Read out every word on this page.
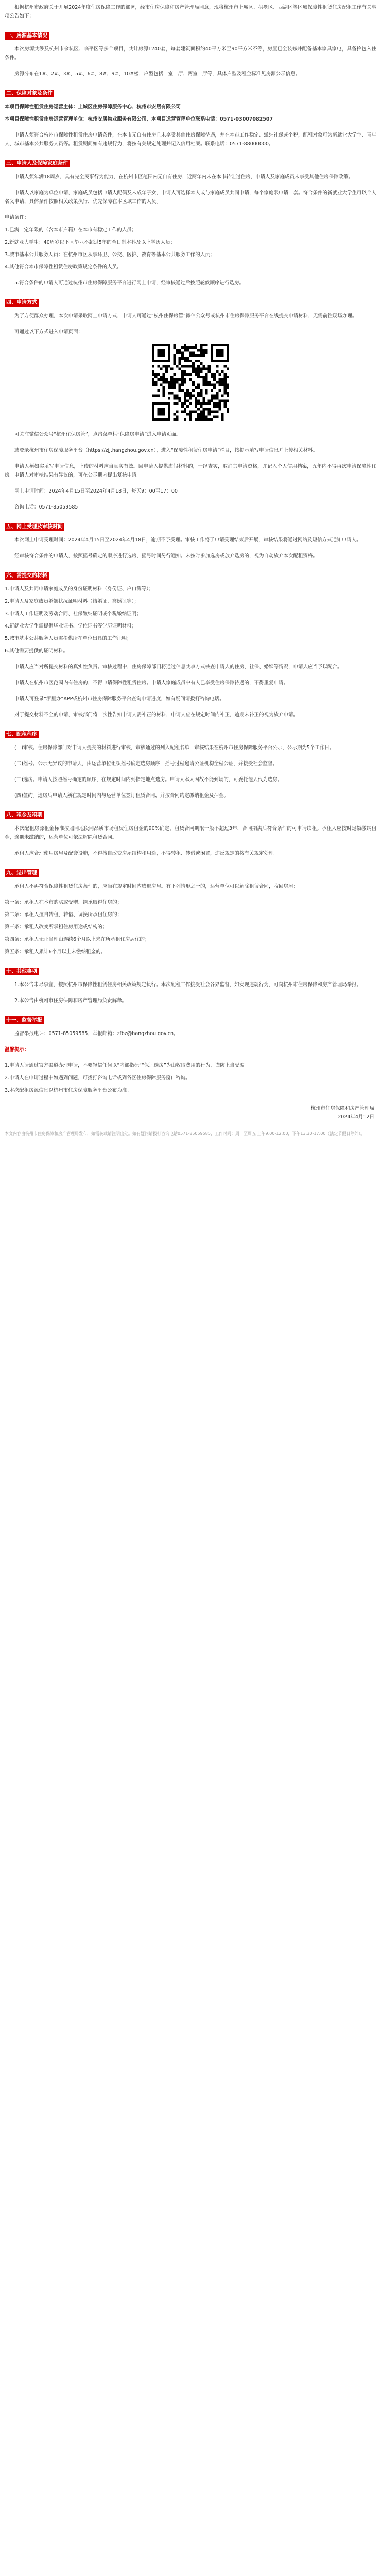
根据杭州市政府关于开展2024年度住房保障工作的部署，经市住房保障和房产管理局同意，现将杭州市上城区、拱墅区、西湖区等区域保障性租赁住房配租工作有关事项公告如下：

一、房源基本情况

本次房源共涉及杭州市余杭区、临平区等多个项目，共计房源1240套，每套建筑面积约40平方米至90平方米不等，房屋已全装修并配备基本家具家电，具备拎包入住条件。

房源分布在1#、2#、3#、5#、6#、8#、9#、10#楼，户型包括一室一厅、两室一厅等，具体户型及租金标准见房源公示信息。

二、保障对象及条件

本项目保障性租赁住房运营主体：上城区住房保障服务中心、杭州市安居有限公司

本项目保障性租赁住房运营管理单位：杭州安居物业服务有限公司、本项目运营管理单位联系电话：0571-03007082507

申请人须符合杭州市保障性租赁住房申请条件，在本市无自有住房且未享受其他住房保障待遇，并在本市工作稳定、缴纳社保或个税，配租对象可为新就业大学生、青年人、城市基本公共服务人员等。租赁期间如有违规行为，将按有关规定处理并记入信用档案。联系电话：0571-88000000。

三、申请人及保障家庭条件

申请人须年满18周岁，具有完全民事行为能力，在杭州市区范围内无自有住房，近两年内未在本市转让过住房，申请人及家庭成员未享受其他住房保障政策。

申请人以家庭为单位申请，家庭成员包括申请人配偶及未成年子女，申请人可选择本人或与家庭成员共同申请，每个家庭限申请一套。符合条件的新就业大学生可以个人名义申请，具体条件按照相关政策执行，优先保障在本区域工作的人员。

申请条件：

1.已满一定年限的（含本市户籍）在本市有稳定工作的人员；

2.新就业大学生：40周岁以下且毕业不超过5年的全日制本科及以上学历人员；

3.城市基本公共服务人员：在杭州市区从事环卫、公交、医护、教育等基本公共服务工作的人员；

4.其他符合本市保障性租赁住房政策规定条件的人员。

5.符合条件的申请人可通过杭州市住房保障服务平台进行网上申请，经审核通过后按照轮候顺序进行选房。

四、申请方式

为了方便群众办理，本次申请采取网上申请方式，申请人可通过“杭州住保房管”微信公众号或杭州市住房保障服务平台在线提交申请材料，无需前往现场办理。

可通过以下方式进入申请页面：

可关注微信公众号“杭州住保房管”，点击菜单栏“保障房申请”进入申请页面。

或登录杭州市住房保障服务平台（https://zjj.hangzhou.gov.cn），进入“保障性租赁住房申请”栏目，按提示填写申请信息并上传相关材料。

申请人须如实填写申请信息，上传的材料应当真实有效。因申请人提供虚假材料的，一经查实，取消其申请资格，并记入个人信用档案，五年内不得再次申请保障性住房。申请人对审核结果有异议的，可在公示期内提出复核申请。

网上申请时间：2024年4月15日至2024年4月18日，每天9：00至17：00。

咨询电话：0571-85059585

五、网上受理及审核时间

本次网上申请受理时间：2024年4月15日至2024年4月18日，逾期不予受理。审核工作将于申请受理结束后开展，审核结果将通过网站及短信方式通知申请人。

经审核符合条件的申请人，按照摇号确定的顺序进行选房，摇号时间另行通知。未按时参加选房或放弃选房的，视为自动放弃本次配租资格。

六、需提交的材料

1.申请人及共同申请家庭成员的身份证明材料（身份证、户口簿等）；

2.申请人及家庭成员婚姻状况证明材料（结婚证、离婚证等）；

3.申请人工作证明及劳动合同、社保缴纳证明或个税缴纳证明；

4.新就业大学生需提供毕业证书、学位证书等学历证明材料；

5.城市基本公共服务人员需提供所在单位出具的工作证明；

6.其他需要提供的证明材料。

申请人应当对所提交材料的真实性负责。审核过程中，住房保障部门将通过信息共享方式核查申请人的住房、社保、婚姻等情况，申请人应当予以配合。

申请人在杭州市区范围内有住房的，不得申请保障性租赁住房。申请人家庭成员中有人已享受住房保障待遇的，不得重复申请。

申请人可登录“浙里办”APP或杭州市住房保障服务平台查询申请进度，如有疑问请拨打咨询电话。

对于提交材料不全的申请，审核部门将一次性告知申请人需补正的材料，申请人应在规定时间内补正，逾期未补正的视为放弃申请。

七、配租程序

(一)审核。住房保障部门对申请人提交的材料进行审核，审核通过的列入配租名单，审核结果在杭州市住房保障服务平台公示，公示期为5个工作日。

(二)摇号。公示无异议的申请人，由运营单位组织摇号确定选房顺序，摇号过程邀请公证机构全程公证，并接受社会监督。

(三)选房。申请人按照摇号确定的顺序，在规定时间内到指定地点选房。申请人本人因故不能到场的，可委托他人代为选房。

(四)签约。选房后申请人须在规定时间内与运营单位签订租赁合同，并按合同约定缴纳租金及押金。

八、租金及租期

本次配租房源租金标准按照同地段同品质市场租赁住房租金的90%确定，租赁合同期限一般不超过3年，合同期满后符合条件的可申请续租。承租人应按时足额缴纳租金，逾期未缴纳的，运营单位可依法解除租赁合同。

承租人应合理使用房屋及配套设施，不得擅自改变房屋结构和用途，不得转租、转借或闲置，违反规定的按有关规定处理。

九、退出管理

承租人不再符合保障性租赁住房条件的，应当在规定时间内腾退房屋。有下列情形之一的，运营单位可以解除租赁合同，收回房屋：

第一条：承租人在本市购买或受赠、继承取得住房的；

第二条：承租人擅自转租、转借、调换所承租住房的；

第三条：承租人改变所承租住房用途或结构的；

第四条：承租人无正当理由连续6个月以上未在所承租住房居住的；

第五条：承租人累计6个月以上未缴纳租金的。

十、其他事项

1.本公告未尽事宜，按照杭州市保障性租赁住房相关政策规定执行。本次配租工作接受社会各界监督，如发现违规行为，可向杭州市住房保障和房产管理局举报。

2.本公告由杭州市住房保障和房产管理局负责解释。

十一、监督举报

监督举报电话：0571-85059585，举报邮箱：zfbz@hangzhou.gov.cn。

温馨提示：

1.申请人请通过官方渠道办理申请，不要轻信任何以“内部指标”“保证选房”为由收取费用的行为，谨防上当受骗。

2.申请人在申请过程中如遇到问题，可拨打咨询电话或到各区住房保障服务窗口咨询。

3.本次配租房源信息以杭州市住房保障服务平台公布为准。

杭州市住房保障和房产管理局
2024年4月12日

本文内容由杭州市住房保障和房产管理局发布，如需转载请注明出处。如有疑问请拨打咨询电话0571-85059585，工作时间：周一至周五 上午9:00-12:00，下午13:30-17:00（法定节假日除外）。
